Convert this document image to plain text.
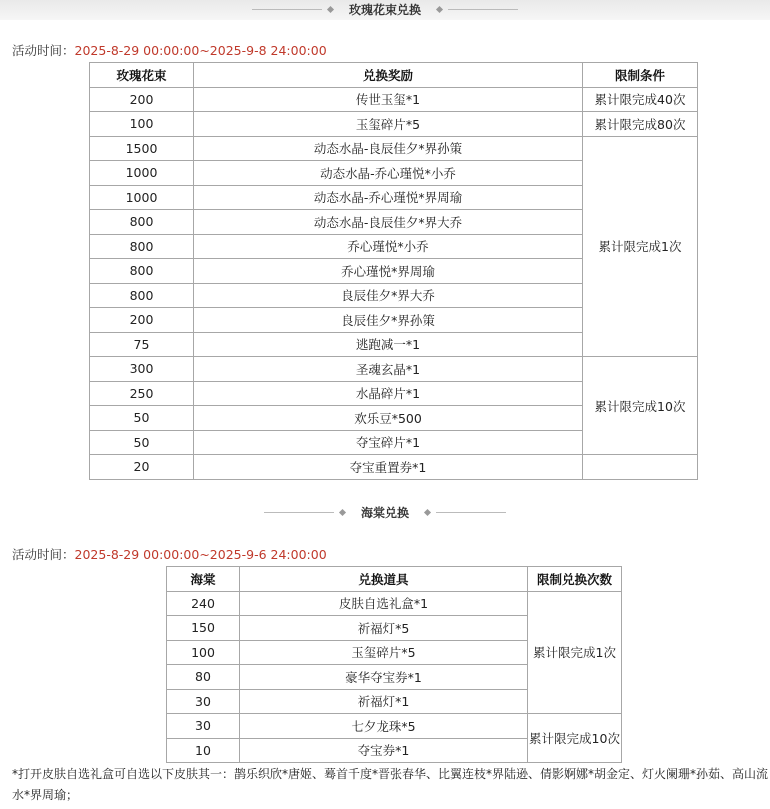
玫瑰花束兑换
活动时间：2025-8-29 00:00:00~2025-9-8 24:00:00
玫瑰花束	兑换奖励	限制条件
200	传世玉玺*1	累计限完成40次
100	玉玺碎片*5	累计限完成80次
1500	动态水晶-良辰佳夕*界孙策	累计限完成1次
1000	动态水晶-乔心瑾悦*小乔	
1000	动态水晶-乔心瑾悦*界周瑜	
800	动态水晶-良辰佳夕*界大乔	
800	乔心瑾悦*小乔	
800	乔心瑾悦*界周瑜	
800	良辰佳夕*界大乔	
200	良辰佳夕*界孙策	
75	逃跑减一*1	
300	圣魂玄晶*1	累计限完成10次
250	水晶碎片*1	
50	欢乐豆*500	
50	夺宝碎片*1	
20	夺宝重置券*1	
海棠兑换
活动时间：2025-8-29 00:00:00~2025-9-6 24:00:00
海棠	兑换道具	限制兑换次数
240	皮肤自选礼盒*1	累计限完成1次
150	祈福灯*5	
100	玉玺碎片*5	
80	豪华夺宝券*1	
30	祈福灯*1	
30	七夕龙珠*5	累计限完成10次
10	夺宝券*1	
*打开皮肤自选礼盒可自选以下皮肤其一：鹊乐织欣*唐姬、蓦首千度*晋张春华、比翼连枝*界陆逊、倩影婀娜*胡金定、灯火阑珊*孙茹、高山流水*界周瑜；
